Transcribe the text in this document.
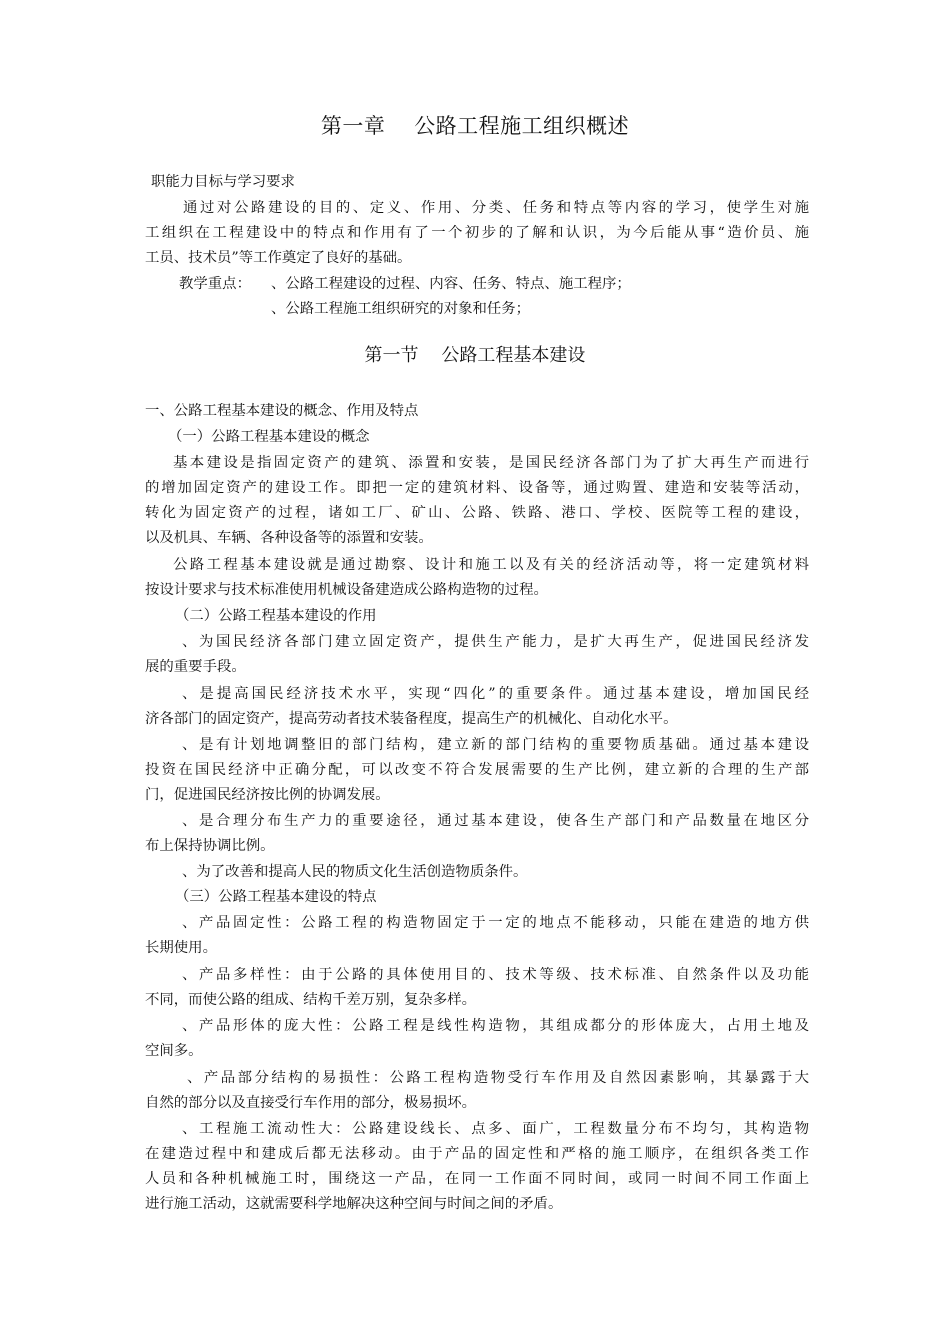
第一章    公路工程施工组织概述
职能力目标与学习要求
通过对公路建设的目的、定义、作用、分类、任务和特点等内容的学习，使学生对施
工组织在工程建设中的特点和作用有了一个初步的了解和认识，为今后能从事“造价员、施
工员、技术员”等工作奠定了良好的基础。
教学重点： 、公路工程建设的过程、内容、任务、特点、施工程序；
、公路工程施工组织研究的对象和任务；
第一节    公路工程基本建设
一、公路工程基本建设的概念、作用及特点
（一）公路工程基本建设的概念
基本建设是指固定资产的建筑、添置和安装，是国民经济各部门为了扩大再生产而进行
的增加固定资产的建设工作。即把一定的建筑材料、设备等，通过购置、建造和安装等活动，
转化为固定资产的过程，诸如工厂、矿山、公路、铁路、港口、学校、医院等工程的建设，
以及机具、车辆、各种设备等的添置和安装。
公路工程基本建设就是通过勘察、设计和施工以及有关的经济活动等，将一定建筑材料
按设计要求与技术标准使用机械设备建造成公路构造物的过程。
（二）公路工程基本建设的作用
、为国民经济各部门建立固定资产，提供生产能力，是扩大再生产，促进国民经济发
展的重要手段。
、是提高国民经济技术水平，实现“四化”的重要条件。通过基本建设，增加国民经
济各部门的固定资产，提高劳动者技术装备程度，提高生产的机械化、自动化水平。
、是有计划地调整旧的部门结构，建立新的部门结构的重要物质基础。通过基本建设
投资在国民经济中正确分配，可以改变不符合发展需要的生产比例，建立新的合理的生产部
门，促进国民经济按比例的协调发展。
、是合理分布生产力的重要途径，通过基本建设，使各生产部门和产品数量在地区分
布上保持协调比例。
、为了改善和提高人民的物质文化生活创造物质条件。
（三）公路工程基本建设的特点
、产品固定性：公路工程的构造物固定于一定的地点不能移动，只能在建造的地方供
长期使用。
、产品多样性：由于公路的具体使用目的、技术等级、技术标准、自然条件以及功能
不同，而使公路的组成、结构千差万别，复杂多样。
、产品形体的庞大性：公路工程是线性构造物，其组成都分的形体庞大，占用土地及
空间多。
、产品部分结构的易损性：公路工程构造物受行车作用及自然因素影响，其暴露于大
自然的部分以及直接受行车作用的部分，极易损坏。
、工程施工流动性大：公路建设线长、点多、面广，工程数量分布不均匀，其构造物
在建造过程中和建成后都无法移动。由于产品的固定性和严格的施工顺序，在组织各类工作
人员和各种机械施工时，围绕这一产品，在同一工作面不同时间，或同一时间不同工作面上
进行施工活动，这就需要科学地解决这种空间与时间之间的矛盾。
